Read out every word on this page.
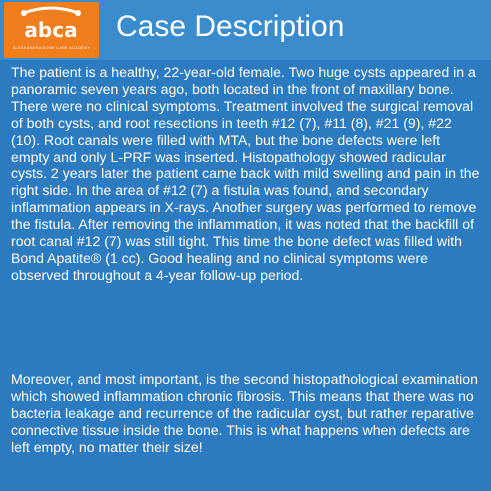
abca
ALESSANDRA BONE CARE ACADEMY
Case Description

The patient is a healthy, 22-year-old female. Two huge cysts appeared in a panoramic seven years ago, both located in the front of maxillary bone. There were no clinical symptoms. Treatment involved the surgical removal of both cysts, and root resections in teeth #12 (7), #11 (8), #21 (9), #22 (10). Root canals were filled with MTA, but the bone defects were left empty and only L-PRF was inserted. Histopathology showed radicular cysts. 2 years later the patient came back with mild swelling and pain in the right side. In the area of #12 (7) a fistula was found, and secondary inflammation appears in X-rays. Another surgery was performed to remove the fistula. After removing the inflammation, it was noted that the backfill of root canal #12 (7) was still tight. This time the bone defect was filled with Bond Apatite® (1 cc). Good healing and no clinical symptoms were observed throughout a 4-year follow-up period.

Moreover, and most important, is the second histopathological examination which showed inflammation chronic fibrosis. This means that there was no bacteria leakage and recurrence of the radicular cyst, but rather reparative connective tissue inside the bone. This is what happens when defects are left empty, no matter their size!
